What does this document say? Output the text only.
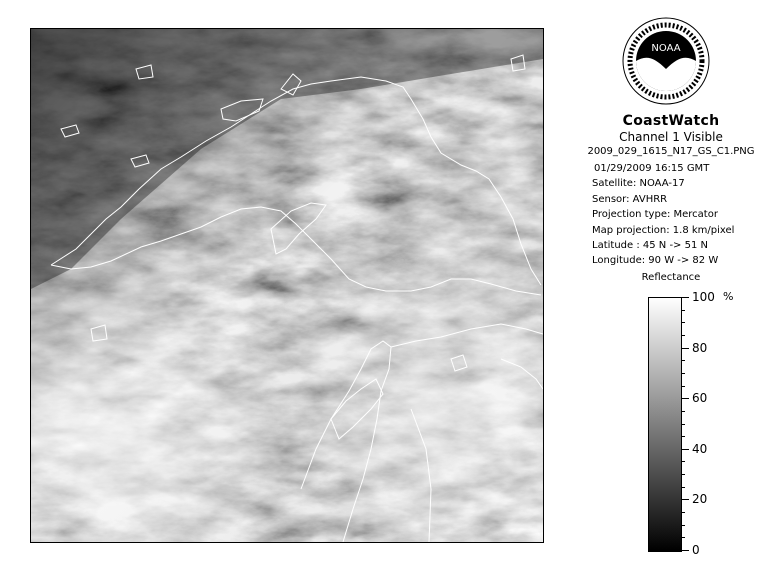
NOAA
CoastWatch
Channel 1 Visible
2009_029_1615_N17_GS_C1.PNG
01/29/2009 16:15 GMT
Satellite: NOAA-17
Sensor: AVHRR
Projection type: Mercator
Map projection: 1.8 km/pixel
Latitude : 45 N -> 51 N
Longitude: 90 W -> 82 W
Reflectance
%
100
80
60
40
20
0
